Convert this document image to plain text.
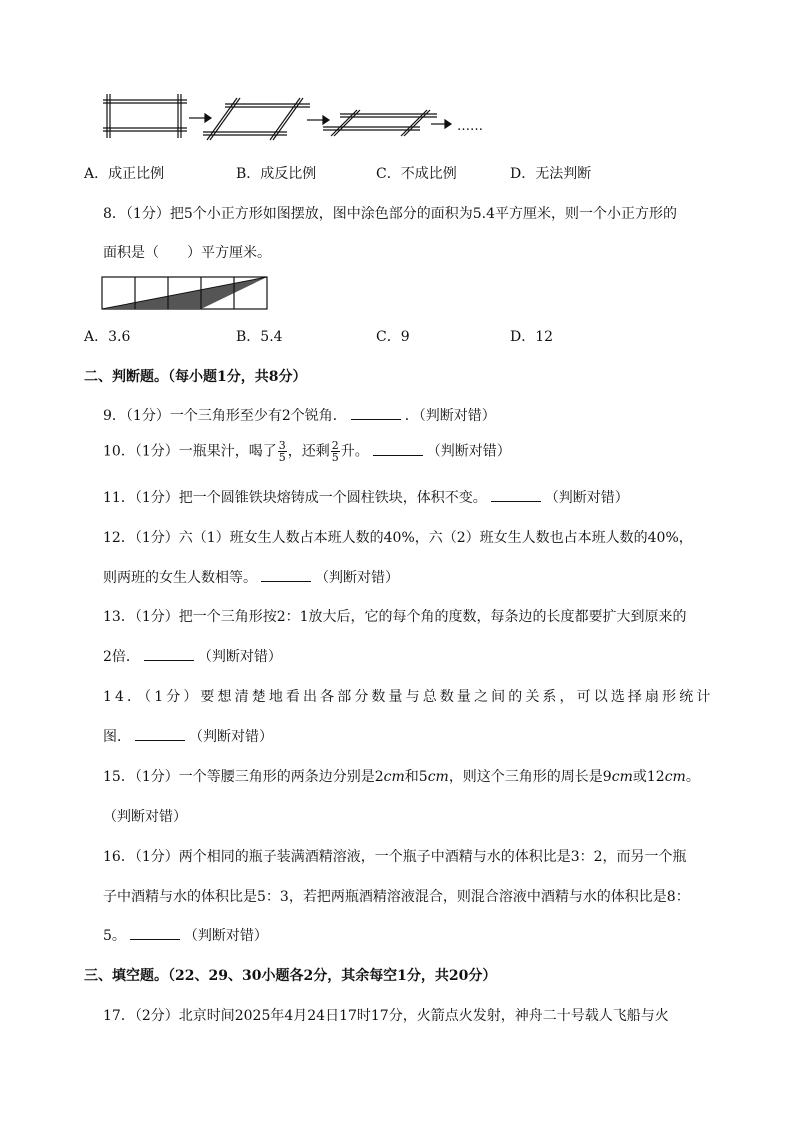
……
A．成正比例	B．成反比例	C．不成比例	D．无法判断
8．（1分）把5个小正方形如图摆放，图中涂色部分的面积为5.4平方厘米，则一个小正方形的
面积是（　　）平方厘米。
A．3.6	B．5.4	C．9	D．12
二、判断题。（每小题1分，共8分）
9．（1分）一个三角形至少有2个锐角．	．（判断对错）
10．（1分）一瓶果汁，喝了 $\frac{3}{5}$ ，还剩 $\frac{2}{5}$ 升。	（判断对错）
11．（1分）把一个圆锥铁块熔铸成一个圆柱铁块，体积不变。	（判断对错）
12．（1分）六（1）班女生人数占本班人数的40%，六（2）班女生人数也占本班人数的40%，
则两班的女生人数相等。	（判断对错）
13．（1分）把一个三角形按2：1放大后，它的每个角的度数，每条边的长度都要扩大到原来的
2倍．	（判断对错）
14．（1分）要想清楚地看出各部分数量与总数量之间的关系，可以选择扇形统计
图．	（判断对错）
15．（1分）一个等腰三角形的两条边分别是2cm和5cm，则这个三角形的周长是9cm或12cm。
（判断对错）
16．（1分）两个相同的瓶子装满酒精溶液，一个瓶子中酒精与水的体积比是3：2，而另一个瓶
子中酒精与水的体积比是5：3，若把两瓶酒精溶液混合，则混合溶液中酒精与水的体积比是8：
5。	（判断对错）
三、填空题。（22、29、30小题各2分，其余每空1分，共20分）
17．（2分）北京时间2025年4月24日17时17分，火箭点火发射，神舟二十号载人飞船与火
